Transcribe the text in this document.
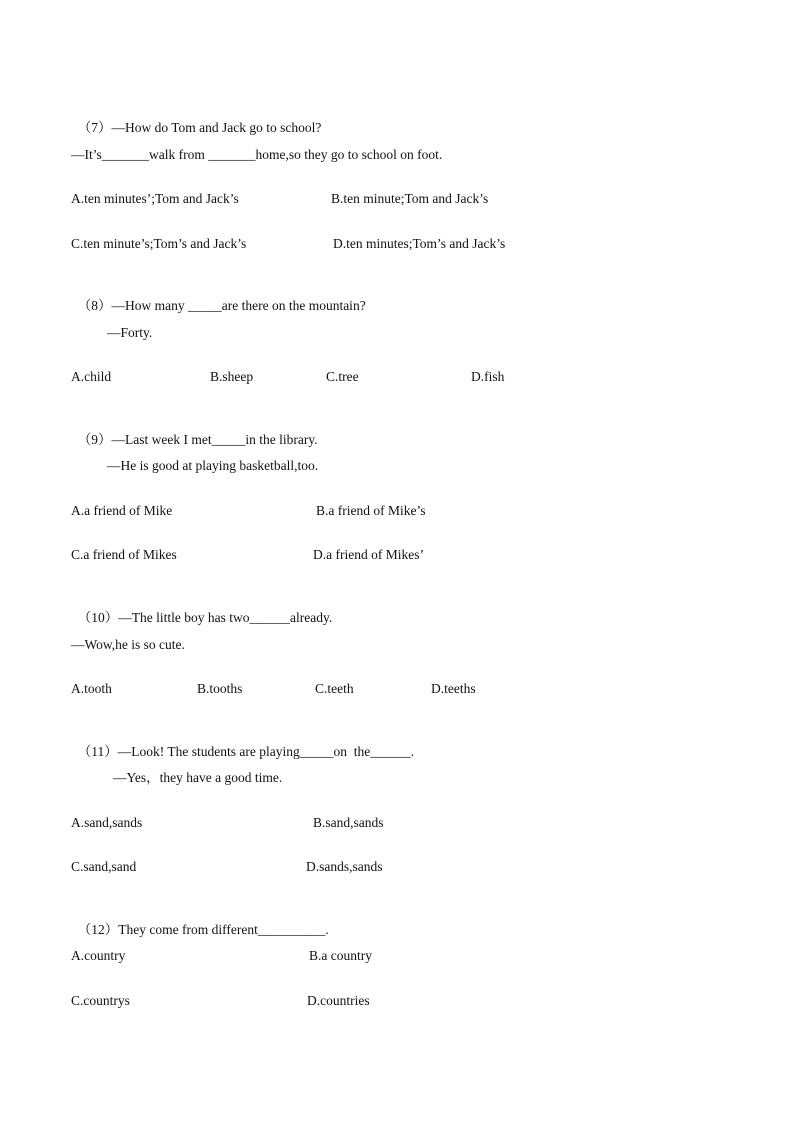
（7）—How do Tom and Jack go to school?

—It’s_______walk from _______home,so they go to school on foot.
A.ten minutes’;Tom and Jack’s	B.ten minute;Tom and Jack’s
C.ten minute’s;Tom’s and Jack’s	D.ten minutes;Tom’s and Jack’s

（8）—How many _____are there on the mountain?

—Forty.
A.child	B.sheep	C.tree	D.fish

（9）—Last week I met_____in the library.

—He is good at playing basketball,too.
A.a friend of Mike	B.a friend of Mike’s
C.a friend of Mikes	D.a friend of Mikes’

（10）—The little boy has two______already.

—Wow,he is so cute.
A.tooth	B.tooths	C.teeth	D.teeths

（11）—Look! The students are playing_____on  the______.

—Yes，they have a good time.
A.sand,sands	B.sand,sands
C.sand,sand	D.sands,sands

（12）They come from different__________.

A.country	B.a country
C.countrys	D.countries
